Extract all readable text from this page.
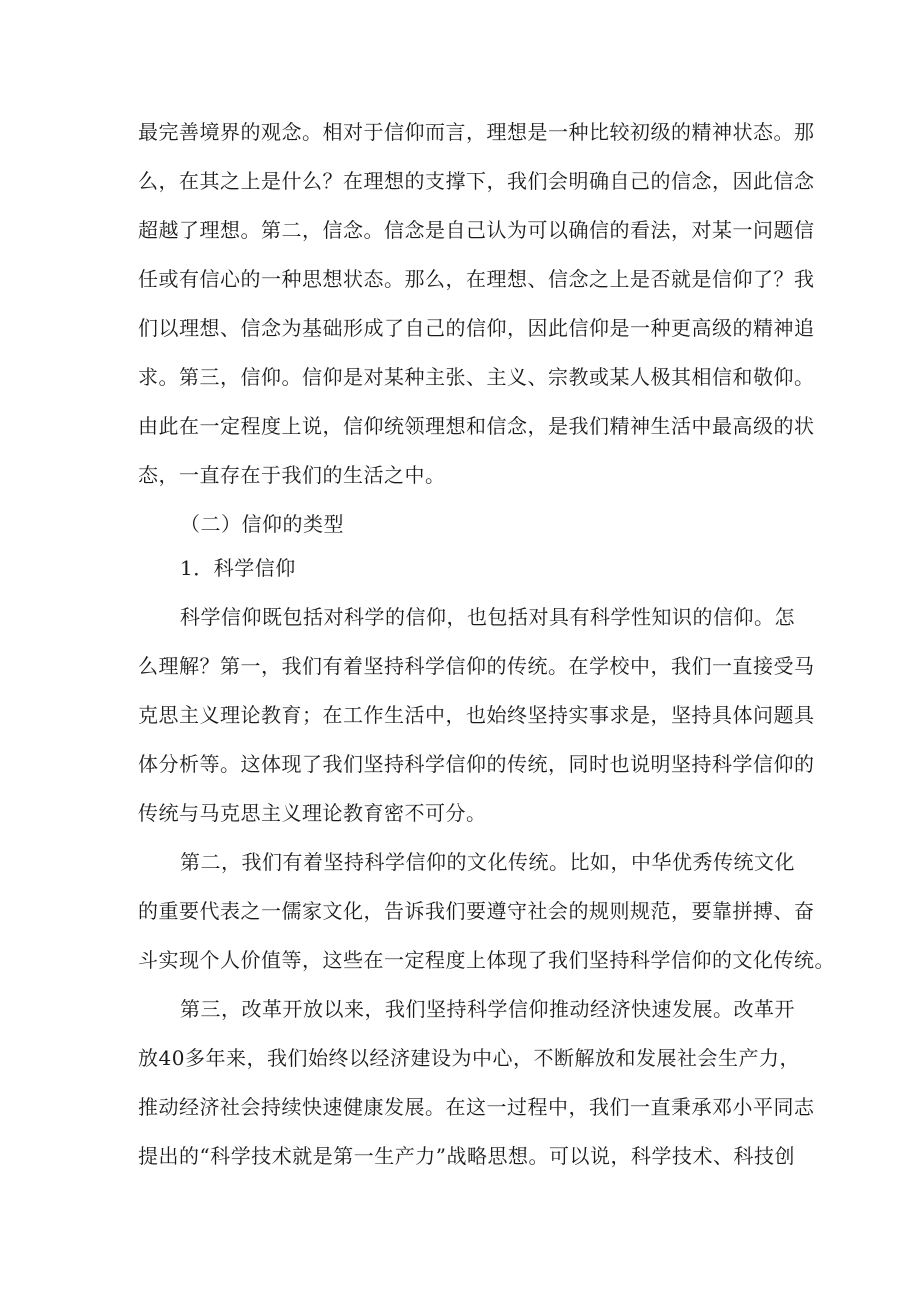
最完善境界的观念。相对于信仰而言，理想是一种比较初级的精神状态。那
么，在其之上是什么？在理想的支撑下，我们会明确自己的信念，因此信念
超越了理想。第二，信念。信念是自己认为可以确信的看法，对某一问题信
任或有信心的一种思想状态。那么，在理想、信念之上是否就是信仰了？我
们以理想、信念为基础形成了自己的信仰，因此信仰是一种更高级的精神追
求。第三，信仰。信仰是对某种主张、主义、宗教或某人极其相信和敬仰。
由此在一定程度上说，信仰统领理想和信念，是我们精神生活中最高级的状
态，一直存在于我们的生活之中。
（二）信仰的类型
1．科学信仰
科学信仰既包括对科学的信仰，也包括对具有科学性知识的信仰。怎
么理解？第一，我们有着坚持科学信仰的传统。在学校中，我们一直接受马
克思主义理论教育；在工作生活中，也始终坚持实事求是，坚持具体问题具
体分析等。这体现了我们坚持科学信仰的传统，同时也说明坚持科学信仰的
传统与马克思主义理论教育密不可分。
第二，我们有着坚持科学信仰的文化传统。比如，中华优秀传统文化
的重要代表之一儒家文化，告诉我们要遵守社会的规则规范，要靠拼搏、奋
斗实现个人价值等，这些在一定程度上体现了我们坚持科学信仰的文化传统。
第三，改革开放以来，我们坚持科学信仰推动经济快速发展。改革开
放40多年来，我们始终以经济建设为中心，不断解放和发展社会生产力，
推动经济社会持续快速健康发展。在这一过程中，我们一直秉承邓小平同志
提出的“科学技术就是第一生产力”战略思想。可以说，科学技术、科技创
